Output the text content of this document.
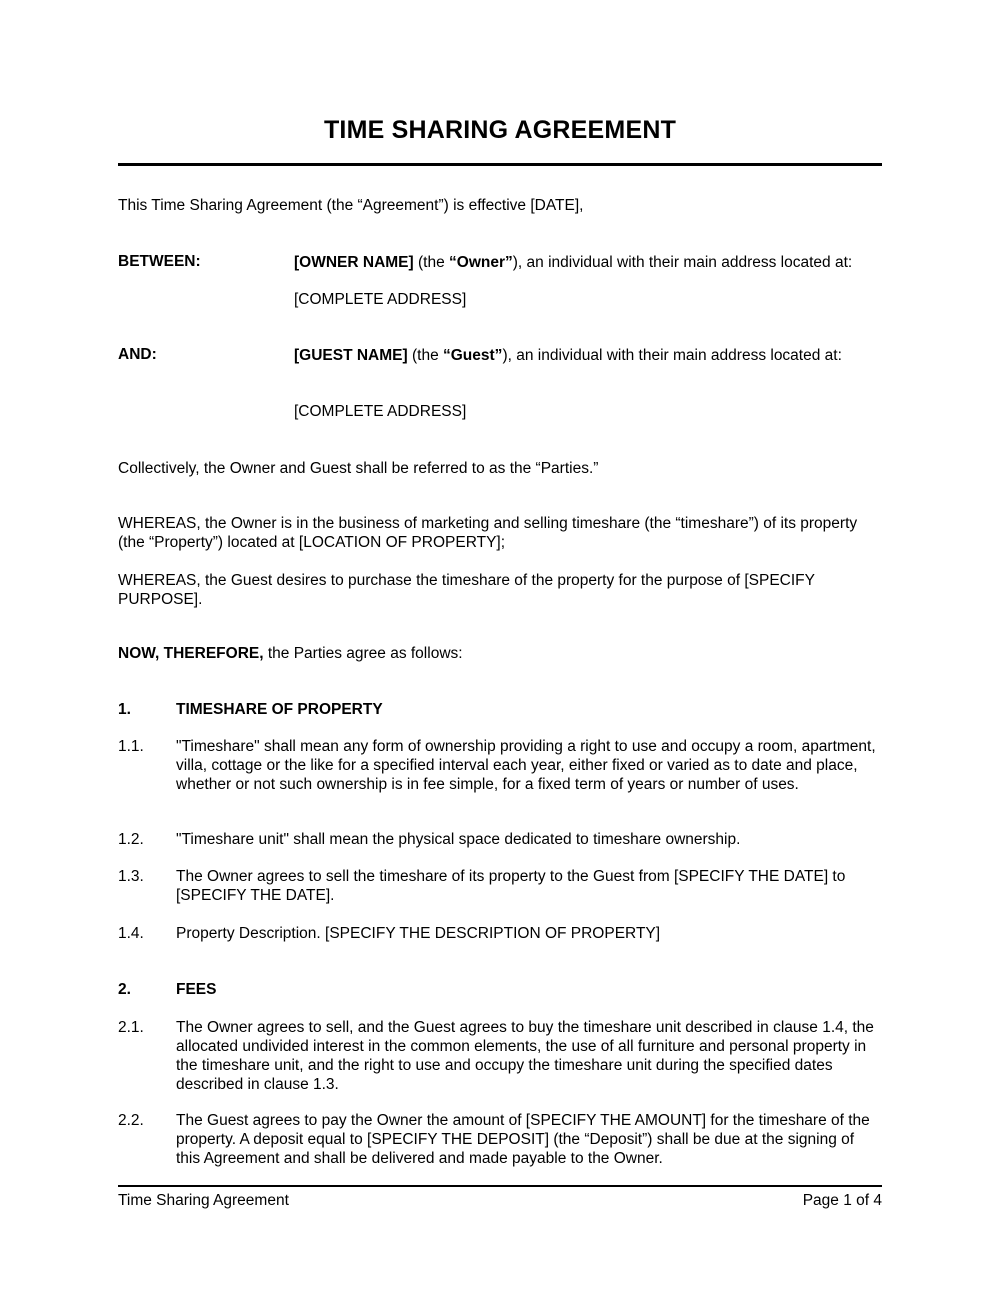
TIME SHARING AGREEMENT
This Time Sharing Agreement (the “Agreement”) is effective [DATE],
BETWEEN:	[OWNER NAME] (the “Owner”), an individual with their main address located at:
[COMPLETE ADDRESS]
AND:	[GUEST NAME] (the “Guest”), an individual with their main address located at:
[COMPLETE ADDRESS]
Collectively, the Owner and Guest shall be referred to as the “Parties.”
WHEREAS, the Owner is in the business of marketing and selling timeshare (the “timeshare”) of its property (the “Property”) located at [LOCATION OF PROPERTY];
WHEREAS, the Guest desires to purchase the timeshare of the property for the purpose of [SPECIFY PURPOSE].
NOW, THEREFORE, the Parties agree as follows:
1.	TIMESHARE OF PROPERTY
1.1. "Timeshare" shall mean any form of ownership providing a right to use and occupy a room, apartment, villa, cottage or the like for a specified interval each year, either fixed or varied as to date and place, whether or not such ownership is in fee simple, for a fixed term of years or number of uses.
1.2. "Timeshare unit" shall mean the physical space dedicated to timeshare ownership.
1.3. The Owner agrees to sell the timeshare of its property to the Guest from [SPECIFY THE DATE] to [SPECIFY THE DATE].
1.4. Property Description. [SPECIFY THE DESCRIPTION OF PROPERTY]
2.	FEES
2.1. The Owner agrees to sell, and the Guest agrees to buy the timeshare unit described in clause 1.4, the allocated undivided interest in the common elements, the use of all furniture and personal property in the timeshare unit, and the right to use and occupy the timeshare unit during the specified dates described in clause 1.3.
2.2. The Guest agrees to pay the Owner the amount of [SPECIFY THE AMOUNT] for the timeshare of the property. A deposit equal to [SPECIFY THE DEPOSIT] (the “Deposit”) shall be due at the signing of this Agreement and shall be delivered and made payable to the Owner.
Time Sharing Agreement	Page 1 of 4
